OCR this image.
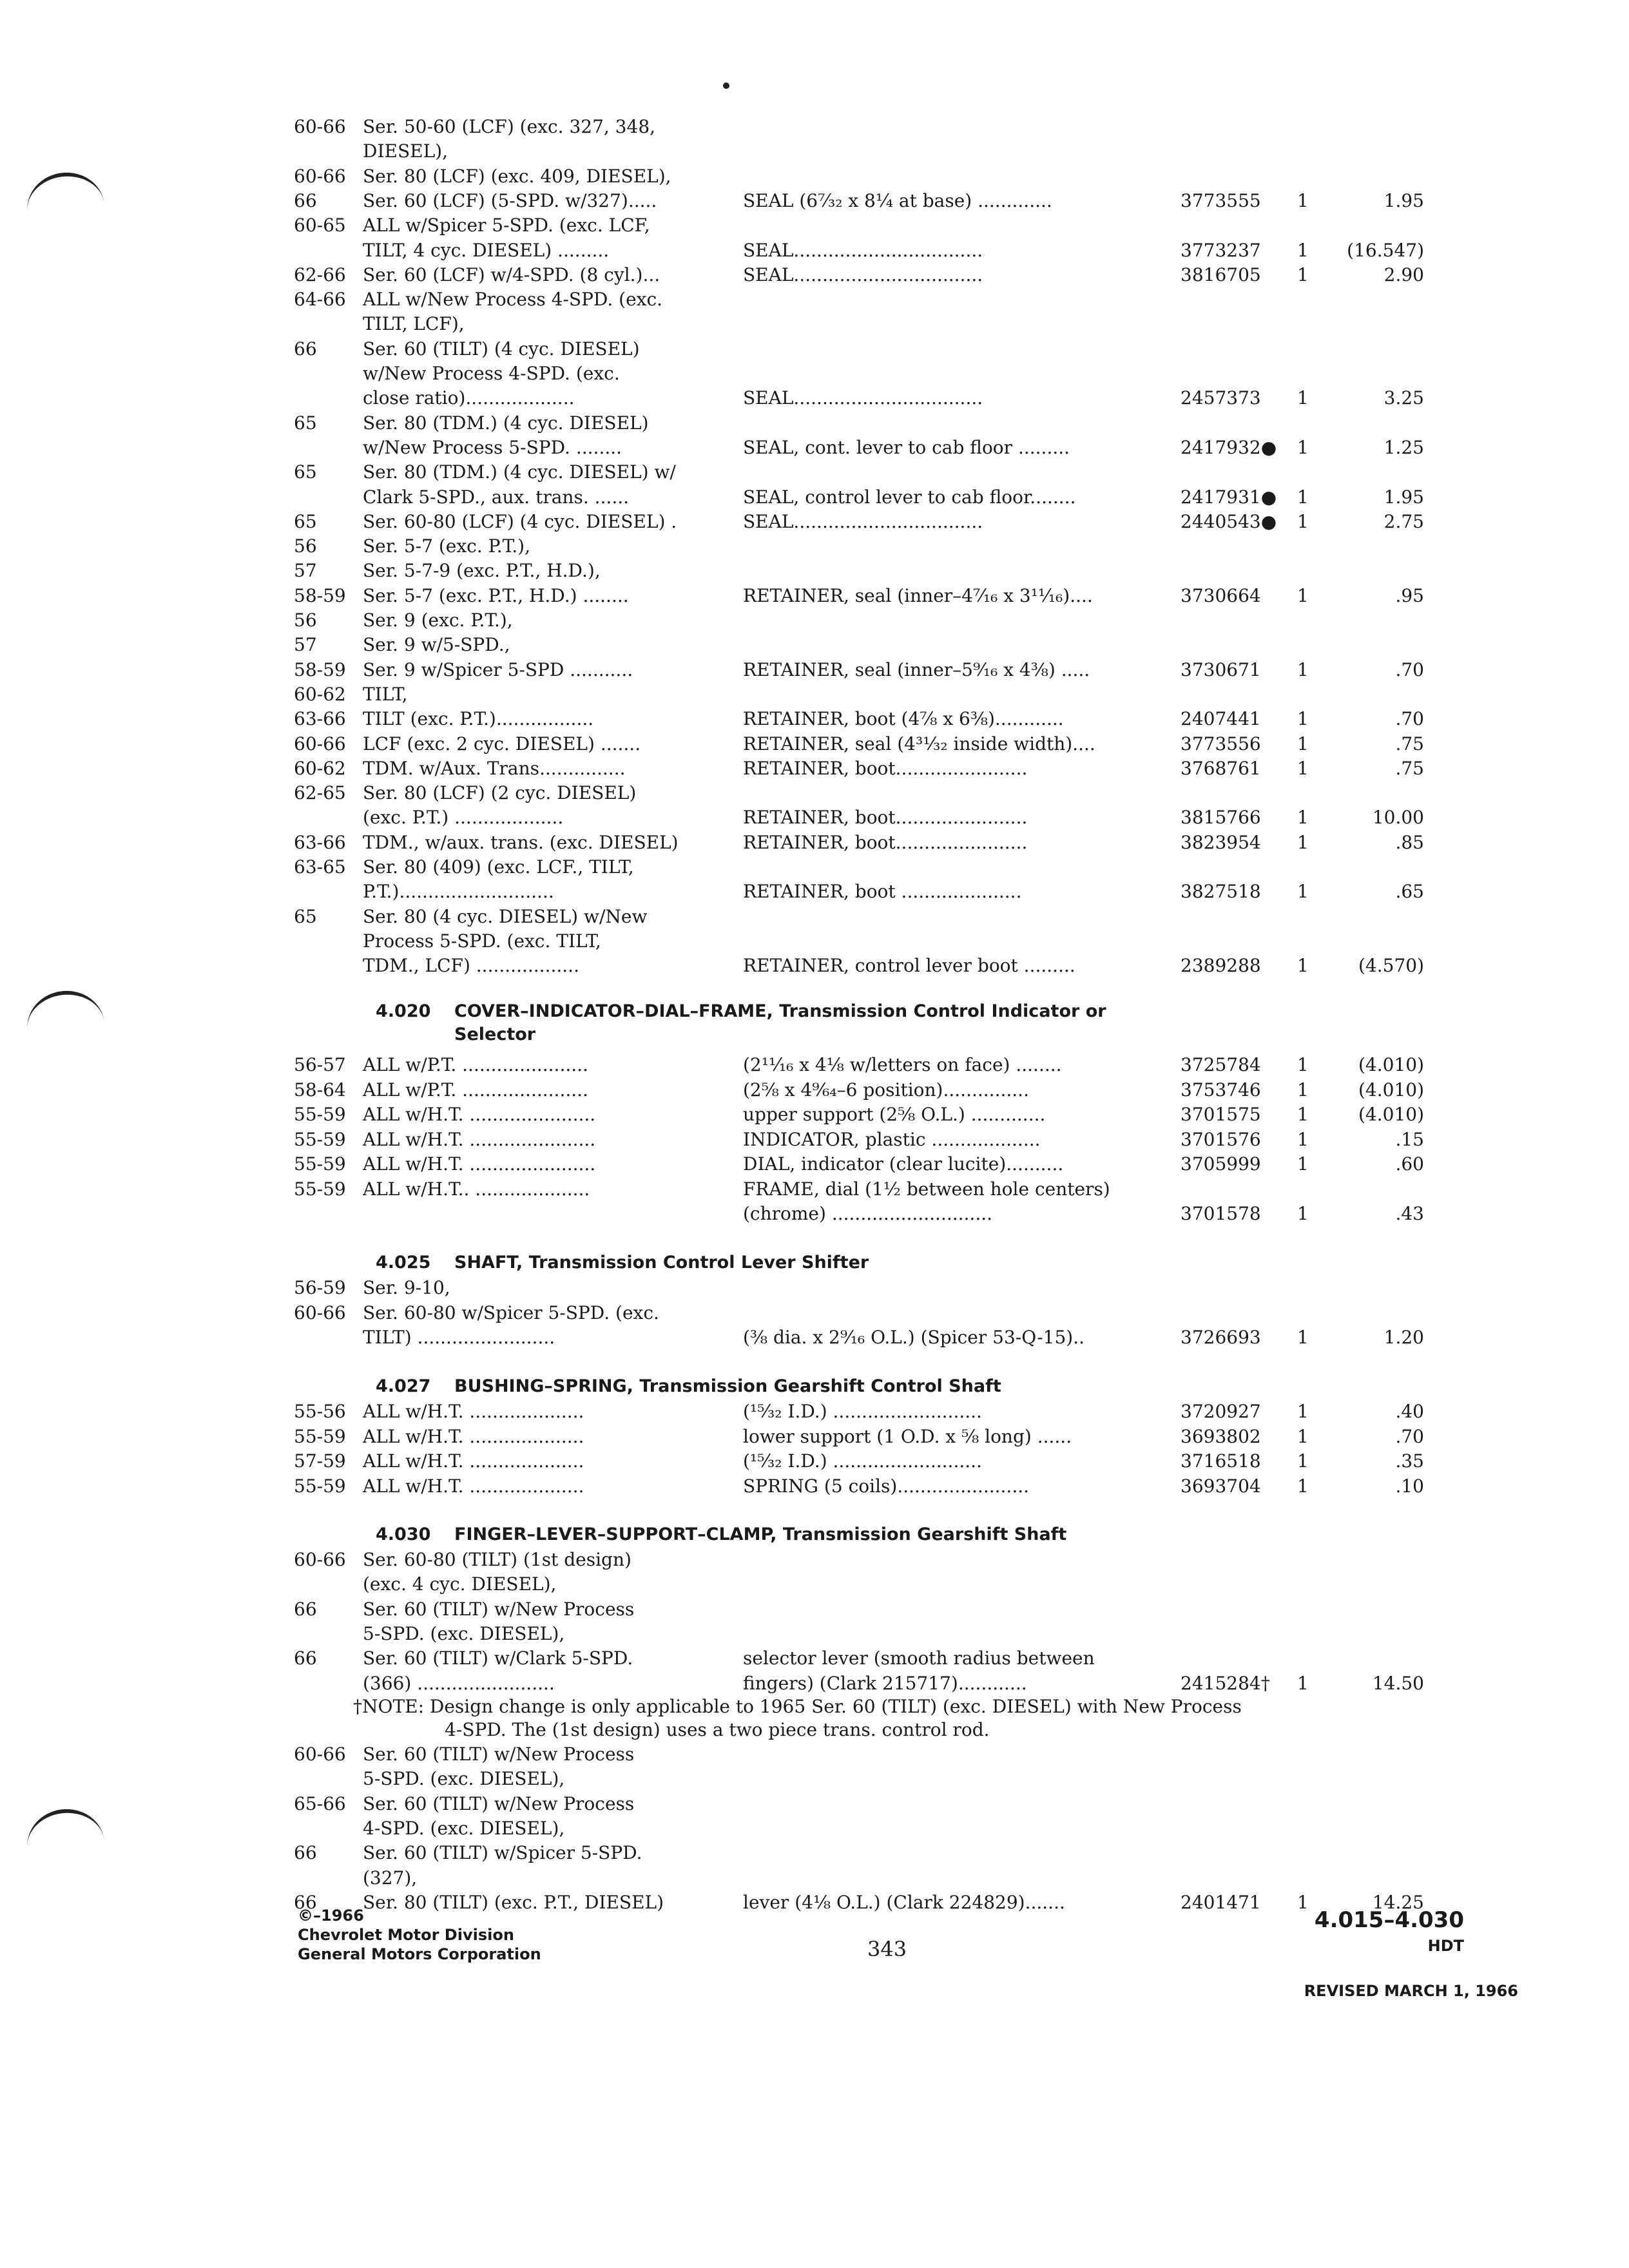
60-66 Ser. 50-60 (LCF) (exc. 327, 348,
DIESEL),
60-66 Ser. 80 (LCF) (exc. 409, DIESEL),
66	Ser. 60 (LCF) (5-SPD. w/327).....	SEAL (6⁷⁄₃₂ x 8¼ at base) .............	3773555 1	1.95
60-65 ALL w/Spicer 5-SPD. (exc. LCF,
TILT, 4 cyc. DIESEL) .........	SEAL.................................	3773237 1 (16.547)
62-66 Ser. 60 (LCF) w/4-SPD. (8 cyl.)...	SEAL.................................	3816705 1	2.90
64-66 ALL w/New Process 4-SPD. (exc.
TILT, LCF),
66	Ser. 60 (TILT) (4 cyc. DIESEL)
w/New Process 4-SPD. (exc.
close ratio)...................	SEAL.................................	2457373 1	3.25
65	Ser. 80 (TDM.) (4 cyc. DIESEL)
w/New Process 5-SPD. ........	SEAL, cont. lever to cab floor .........	2417932● 1	1.25
65	Ser. 80 (TDM.) (4 cyc. DIESEL) w/
Clark 5-SPD., aux. trans. ......	SEAL, control lever to cab floor........	2417931● 1	1.95
65	Ser. 60-80 (LCF) (4 cyc. DIESEL) .	SEAL.................................	2440543● 1	2.75
56	Ser. 5-7 (exc. P.T.),
57	Ser. 5-7-9 (exc. P.T., H.D.),
58-59 Ser. 5-7 (exc. P.T., H.D.) ........	RETAINER, seal (inner–4⁷⁄₁₆ x 3¹¹⁄₁₆)....	3730664 1	.95
56	Ser. 9 (exc. P.T.),
57	Ser. 9 w/5-SPD.,
58-59 Ser. 9 w/Spicer 5-SPD ...........	RETAINER, seal (inner–5⁹⁄₁₆ x 4⅜) .....	3730671 1	.70
60-62 TILT,
63-66 TILT (exc. P.T.).................	RETAINER, boot (4⅞ x 6⅜)............	2407441 1	.70
60-66 LCF (exc. 2 cyc. DIESEL) .......	RETAINER, seal (4³¹⁄₃₂ inside width)....	3773556 1	.75
60-62 TDM. w/Aux. Trans...............	RETAINER, boot.......................	3768761 1	.75
62-65 Ser. 80 (LCF) (2 cyc. DIESEL)
(exc. P.T.) ...................	RETAINER, boot.......................	3815766 1	10.00
63-66 TDM., w/aux. trans. (exc. DIESEL)	RETAINER, boot.......................	3823954 1	.85
63-65 Ser. 80 (409) (exc. LCF., TILT,
P.T.)...........................	RETAINER, boot .....................	3827518 1	.65
65	Ser. 80 (4 cyc. DIESEL) w/New
Process 5-SPD. (exc. TILT,
TDM., LCF) ..................	RETAINER, control lever boot .........	2389288 1	(4.570)
4.020 COVER–INDICATOR–DIAL–FRAME, Transmission Control Indicator or
Selector
56-57 ALL w/P.T. ......................	(2¹¹⁄₁₆ x 4⅛ w/letters on face) ........	3725784 1	(4.010)
58-64 ALL w/P.T. ......................	(2⅝ x 4⁹⁄₆₄–6 position)...............	3753746 1	(4.010)
55-59 ALL w/H.T. ......................	upper support (2⅝ O.L.) .............	3701575 1	(4.010)
55-59 ALL w/H.T. ......................	INDICATOR, plastic ...................	3701576 1	.15
55-59 ALL w/H.T. ......................	DIAL, indicator (clear lucite)..........	3705999 1	.60
55-59 ALL w/H.T.. ....................	FRAME, dial (1½ between hole centers)
(chrome) ............................	3701578 1	.43
4.025 SHAFT, Transmission Control Lever Shifter
56-59 Ser. 9-10,
60-66 Ser. 60-80 w/Spicer 5-SPD. (exc.
TILT) ........................	(⅜ dia. x 2⁹⁄₁₆ O.L.) (Spicer 53-Q-15)..	3726693 1	1.20
4.027 BUSHING–SPRING, Transmission Gearshift Control Shaft
55-56 ALL w/H.T. ....................	(¹⁵⁄₃₂ I.D.) ..........................	3720927 1	.40
55-59 ALL w/H.T. ....................	lower support (1 O.D. x ⅝ long) ......	3693802 1	.70
57-59 ALL w/H.T. ....................	(¹⁵⁄₃₂ I.D.) ..........................	3716518 1	.35
55-59 ALL w/H.T. ....................	SPRING (5 coils).......................	3693704 1	.10
4.030 FINGER–LEVER–SUPPORT–CLAMP, Transmission Gearshift Shaft
60-66 Ser. 60-80 (TILT) (1st design)
(exc. 4 cyc. DIESEL),
66	Ser. 60 (TILT) w/New Process
5-SPD. (exc. DIESEL),
66	Ser. 60 (TILT) w/Clark 5-SPD.	selector lever (smooth radius between
(366) ........................	fingers) (Clark 215717)............	2415284† 1	14.50
†NOTE: Design change is only applicable to 1965 Ser. 60 (TILT) (exc. DIESEL) with New Process
4-SPD. The (1st design) uses a two piece trans. control rod.
60-66 Ser. 60 (TILT) w/New Process
5-SPD. (exc. DIESEL),
65-66 Ser. 60 (TILT) w/New Process
4-SPD. (exc. DIESEL),
66	Ser. 60 (TILT) w/Spicer 5-SPD.
(327),
66	Ser. 80 (TILT) (exc. P.T., DIESEL)	lever (4⅛ O.L.) (Clark 224829).......	2401471 1	14.25
©–1966
Chevrolet Motor Division
General Motors Corporation	343
4.015–4.030
HDT
REVISED MARCH 1, 1966
